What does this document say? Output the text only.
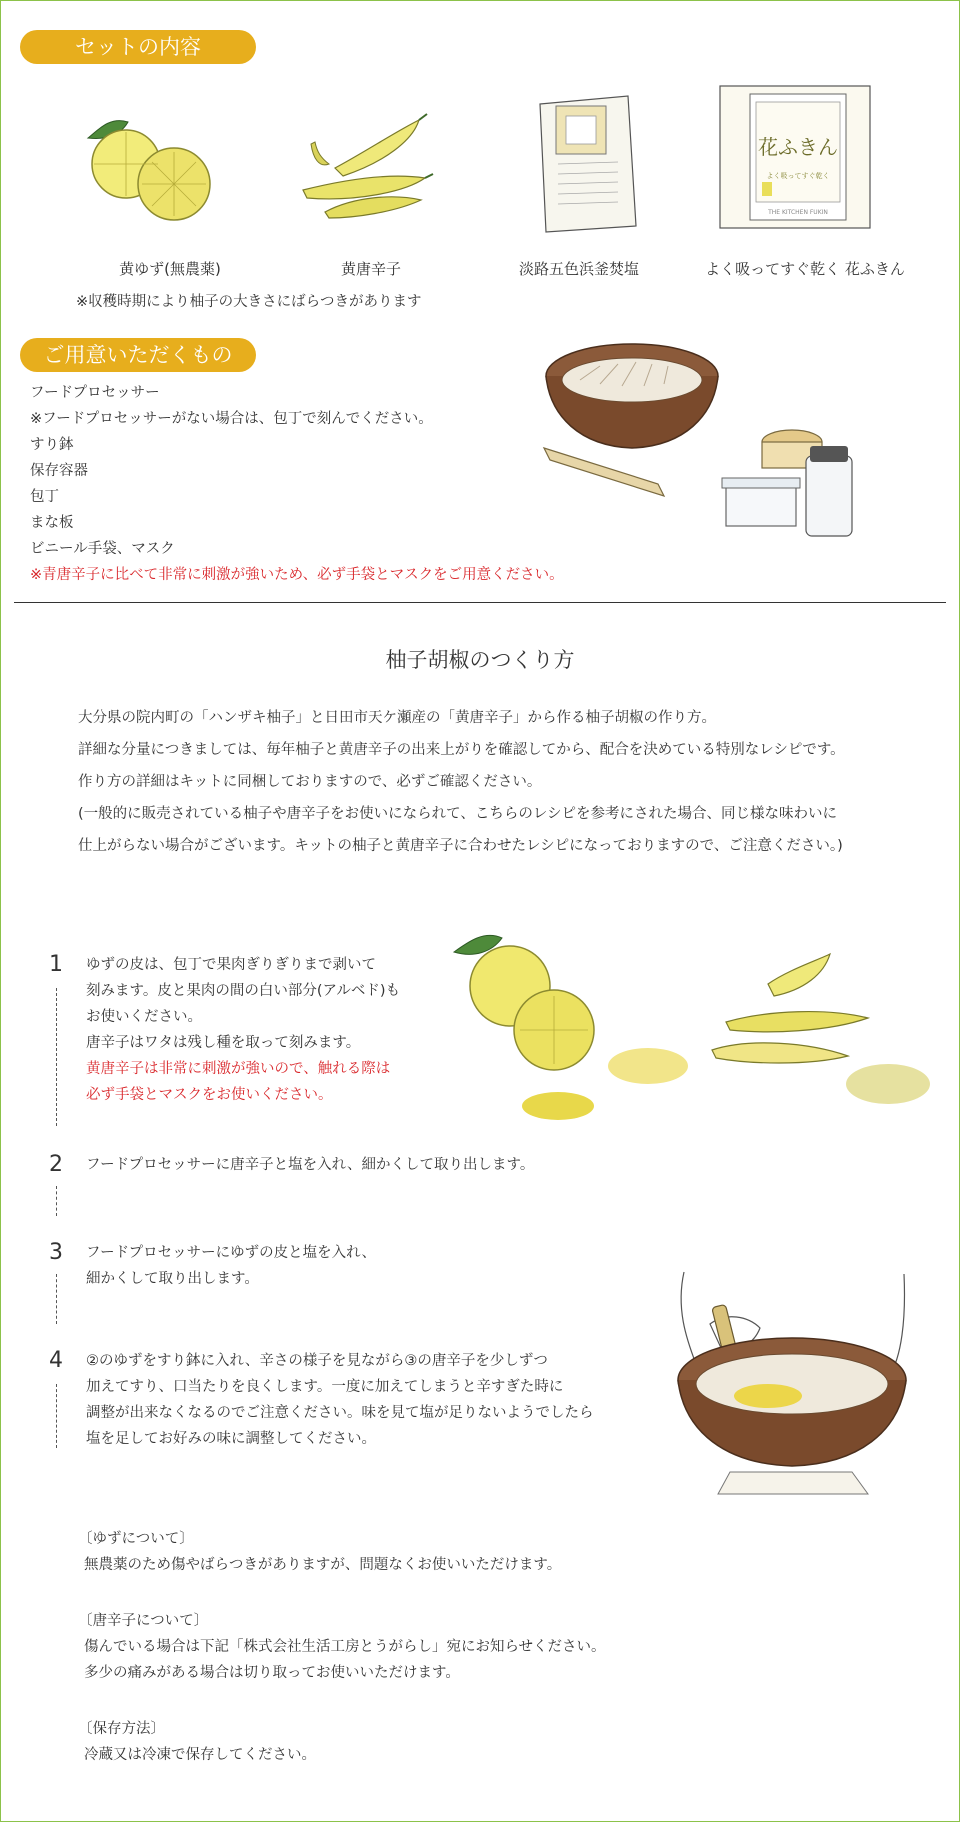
セットの内容
花ふきん
よく吸ってすぐ乾く
THE KITCHEN FUKIN
黄ゆず(無農薬)	黄唐辛子	淡路五色浜釜焚塩	よく吸ってすぐ乾く 花ふきん
※収穫時期により柚子の大きさにばらつきがあります
ご用意いただくもの
フードプロセッサー
※フードプロセッサーがない場合は、包丁で刻んでください。
すり鉢
保存容器
包丁
まな板
ビニール手袋、マスク
※青唐辛子に比べて非常に刺激が強いため、必ず手袋とマスクをご用意ください。
柚子胡椒のつくり方
大分県の院内町の「ハンザキ柚子」と日田市天ケ瀬産の「黄唐辛子」から作る柚子胡椒の作り方。
詳細な分量につきましては、毎年柚子と黄唐辛子の出来上がりを確認してから、配合を決めている特別なレシピです。
作り方の詳細はキットに同梱しておりますので、必ずご確認ください。
(一般的に販売されている柚子や唐辛子をお使いになられて、こちらのレシピを参考にされた場合、同じ様な味わいに
仕上がらない場合がございます。キットの柚子と黄唐辛子に合わせたレシピになっておりますので、ご注意ください。)
1 ゆずの皮は、包丁で果肉ぎりぎりまで剥いて
刻みます。皮と果肉の間の白い部分(アルベド)も
お使いください。
唐辛子はワタは残し種を取って刻みます。
黄唐辛子は非常に刺激が強いので、触れる際は
必ず手袋とマスクをお使いください。
2 フードプロセッサーに唐辛子と塩を入れ、細かくして取り出します。
3 フードプロセッサーにゆずの皮と塩を入れ、
細かくして取り出します。
4 ②のゆずをすり鉢に入れ、辛さの様子を見ながら③の唐辛子を少しずつ
加えてすり、口当たりを良くします。一度に加えてしまうと辛すぎた時に
調整が出来なくなるのでご注意ください。味を見て塩が足りないようでしたら
塩を足してお好みの味に調整してください。
〔ゆずについて〕
無農薬のため傷やばらつきがありますが、問題なくお使いいただけます。
〔唐辛子について〕
傷んでいる場合は下記「株式会社生活工房とうがらし」宛にお知らせください。
多少の痛みがある場合は切り取ってお使いいただけます。
〔保存方法〕
冷蔵又は冷凍で保存してください。
